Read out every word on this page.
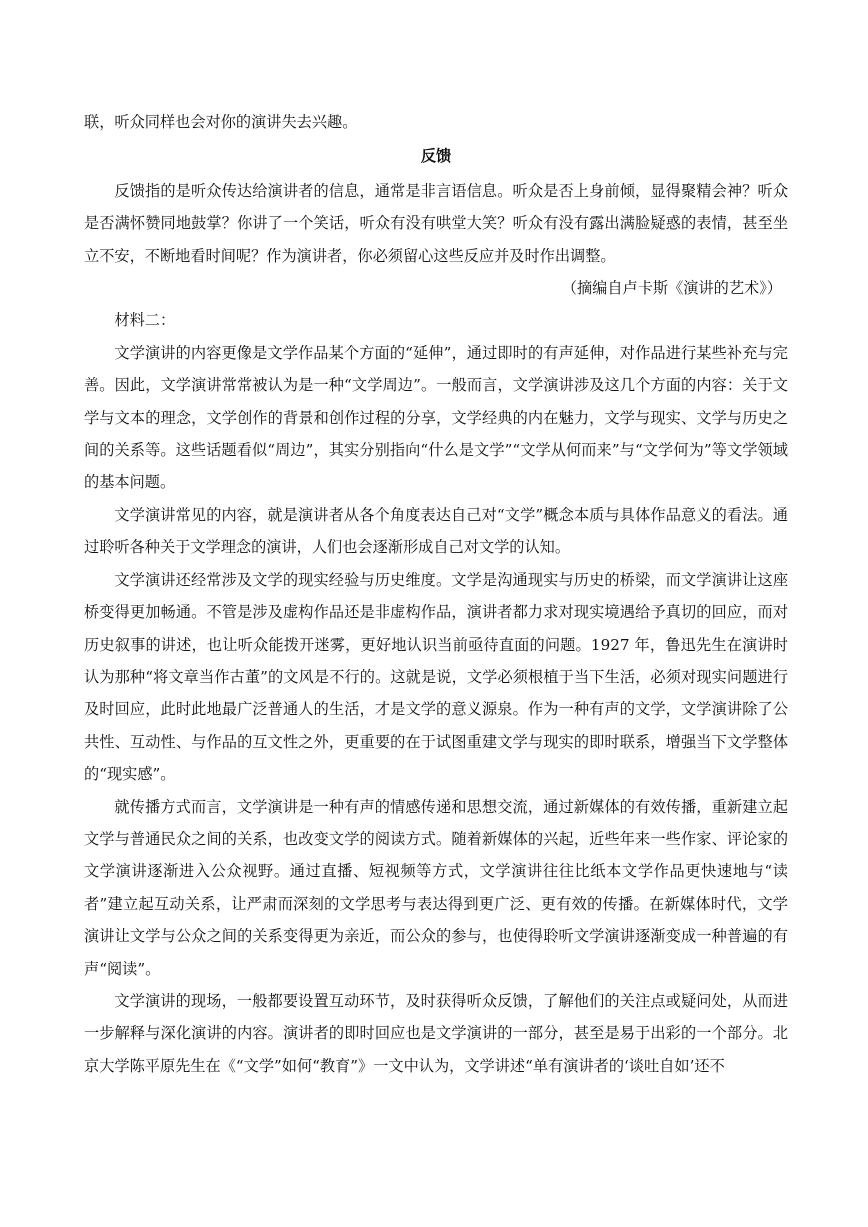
联，听众同样也会对你的演讲失去兴趣。

反馈

反馈指的是听众传达给演讲者的信息，通常是非言语信息。听众是否上身前倾，显得聚精会神？听众是否满怀赞同地鼓掌？你讲了一个笑话，听众有没有哄堂大笑？听众有没有露出满脸疑惑的表情，甚至坐立不安，不断地看时间呢？作为演讲者，你必须留心这些反应并及时作出调整。

（摘编自卢卡斯《演讲的艺术》）

材料二：

文学演讲的内容更像是文学作品某个方面的“延伸”，通过即时的有声延伸，对作品进行某些补充与完善。因此，文学演讲常常被认为是一种“文学周边”。一般而言，文学演讲涉及这几个方面的内容：关于文学与文本的理念，文学创作的背景和创作过程的分享，文学经典的内在魅力，文学与现实、文学与历史之间的关系等。这些话题看似“周边”，其实分别指向“什么是文学”“文学从何而来”与“文学何为”等文学领域的基本问题。

文学演讲常见的内容，就是演讲者从各个角度表达自己对“文学”概念本质与具体作品意义的看法。通过聆听各种关于文学理念的演讲，人们也会逐渐形成自己对文学的认知。

文学演讲还经常涉及文学的现实经验与历史维度。文学是沟通现实与历史的桥梁，而文学演讲让这座桥变得更加畅通。不管是涉及虚构作品还是非虚构作品，演讲者都力求对现实境遇给予真切的回应，而对历史叙事的讲述，也让听众能拨开迷雾，更好地认识当前亟待直面的问题。1927 年，鲁迅先生在演讲时认为那种“将文章当作古董”的文风是不行的。这就是说，文学必须根植于当下生活，必须对现实问题进行及时回应，此时此地最广泛普通人的生活，才是文学的意义源泉。作为一种有声的文学，文学演讲除了公共性、互动性、与作品的互文性之外，更重要的在于试图重建文学与现实的即时联系，增强当下文学整体的“现实感”。

就传播方式而言，文学演讲是一种有声的情感传递和思想交流，通过新媒体的有效传播，重新建立起文学与普通民众之间的关系，也改变文学的阅读方式。随着新媒体的兴起，近些年来一些作家、评论家的文学演讲逐渐进入公众视野。通过直播、短视频等方式，文学演讲往往比纸本文学作品更快速地与“读者”建立起互动关系，让严肃而深刻的文学思考与表达得到更广泛、更有效的传播。在新媒体时代，文学演讲让文学与公众之间的关系变得更为亲近，而公众的参与，也使得聆听文学演讲逐渐变成一种普遍的有声“阅读”。

文学演讲的现场，一般都要设置互动环节，及时获得听众反馈，了解他们的关注点或疑问处，从而进一步解释与深化演讲的内容。演讲者的即时回应也是文学演讲的一部分，甚至是易于出彩的一个部分。北京大学陈平原先生在《“文学”如何“教育”》一文中认为，文学讲述“单有演讲者的‘谈吐自如’还不
